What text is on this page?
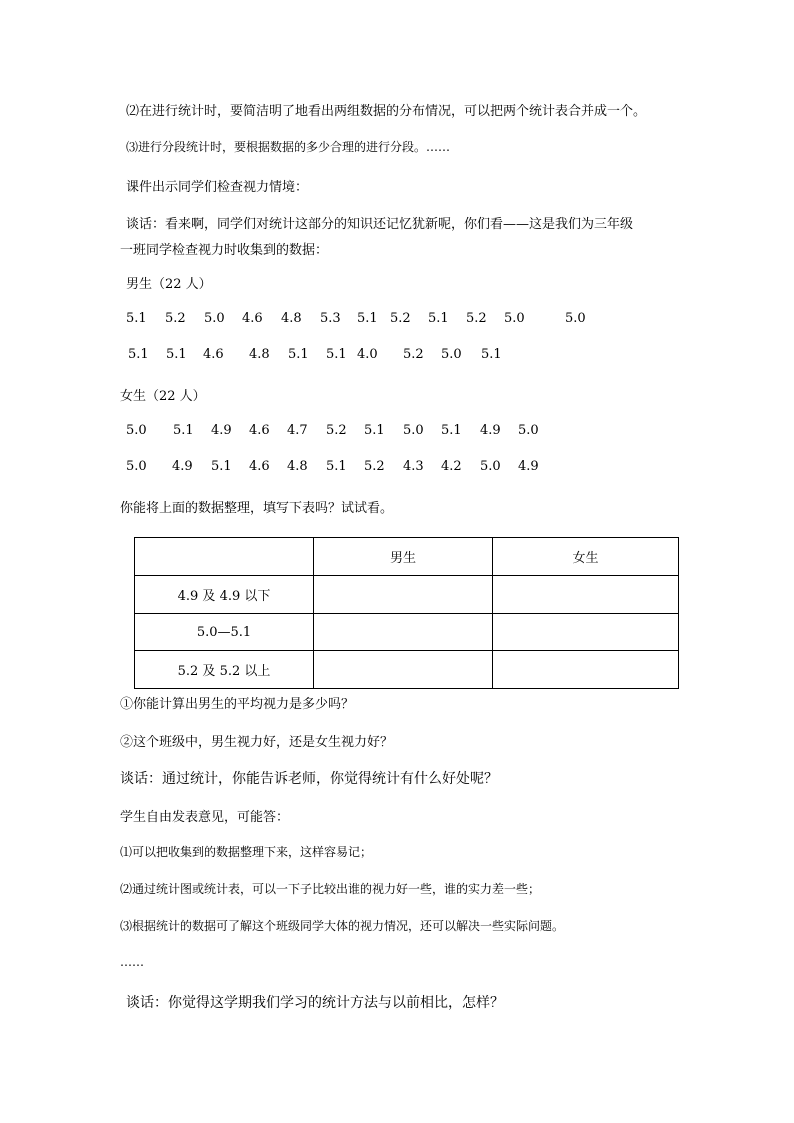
⑵在进行统计时，要简洁明了地看出两组数据的分布情况，可以把两个统计表合并成一个。
⑶进行分段统计时，要根据数据的多少合理的进行分段。……
课件出示同学们检查视力情境：
谈话：看来啊，同学们对统计这部分的知识还记忆犹新呢，你们看——这是我们为三年级
一班同学检查视力时收集到的数据：
男生（22 人）
5.1 5.2 5.0 4.6 4.8 5.3 5.1 5.2 5.1 5.2 5.0	5.0
5.1 5.1 4.6 4.8 5.1 5.1 4.0 5.2 5.0 5.1
女生（22 人）
5.0 5.1 4.9 4.6 4.7 5.2 5.1 5.0 5.1 4.9 5.0
5.0 4.9 5.1 4.6 4.8 5.1 5.2 4.3 4.2 5.0 4.9
你能将上面的数据整理，填写下表吗？试试看。
	男生	女生
4.9 及 4.9 以下		
5.0—5.1		
5.2 及 5.2 以上		
①你能计算出男生的平均视力是多少吗？
②这个班级中，男生视力好，还是女生视力好？
谈话：通过统计，你能告诉老师，你觉得统计有什么好处呢？
学生自由发表意见，可能答：
⑴可以把收集到的数据整理下来，这样容易记；
⑵通过统计图或统计表，可以一下子比较出谁的视力好一些，谁的实力差一些；
⑶根据统计的数据可了解这个班级同学大体的视力情况，还可以解决一些实际问题。
……
谈话：你觉得这学期我们学习的统计方法与以前相比，怎样？
